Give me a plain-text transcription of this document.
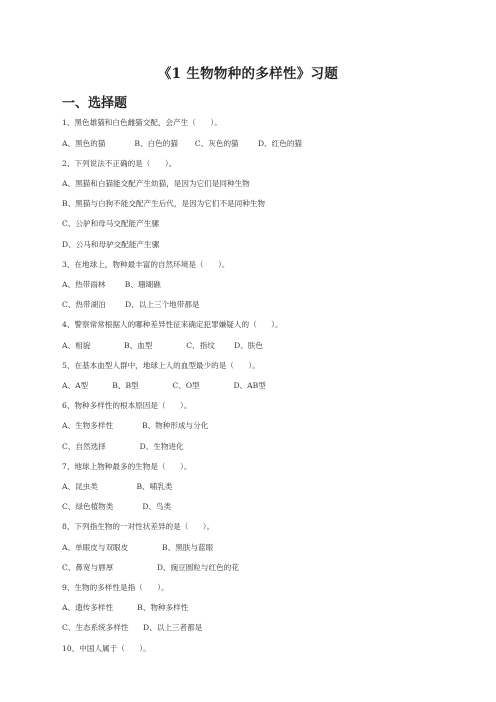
《1 生物物种的多样性》习题
一、选择题
1、黑色雄猫和白色雌猫交配，会产生（      ）。
A、黑色的猫            B、白色的猫       C、灰色的猫        D、红色的猫
2、下列说法不正确的是（      ）。
A、黑猫和白猫能交配产生幼猫，是因为它们是同种生物
B、黑猫与白狗不能交配产生后代，是因为它们不是同种生物
C、公驴和母马交配能产生骡
D、公马和母驴交配能产生骡
3、在地球上，物种最丰富的自然环境是（      ）。
A、热带雨林        B、珊瑚礁
C、热带湖泊        D、以上三个地带都是
4、警察常常根据人的哪种差异性征来确定犯罪嫌疑人的（      ）。
A、相貌              B、血型              C、指纹        D、肤色
5、在基本血型人群中，地球上人的血型最少的是（      ）。
A、A型          B、B型              C、O型              D、AB型
6、物种多样性的根本原因是（      ）。
A、生物多样性            B、物种形成与分化
C、自然选择              D、生物进化
7、地球上物种最多的生物是（      ）。
A、昆虫类                B、哺乳类
C、绿色植物类            D、鸟类
8、下列指生物的一对性状差异的是（      ）。
A、单眼皮与双眼皮              B、黑肤与蓝眼
C、鼻宽与唇厚                  D、豌豆圆粒与红色的花
9、生物的多样性是指（      ）。
A、遗传多样性          B、物种多样性
C、生态系统多样性      D、以上三者都是
10、中国人属于（      ）。
